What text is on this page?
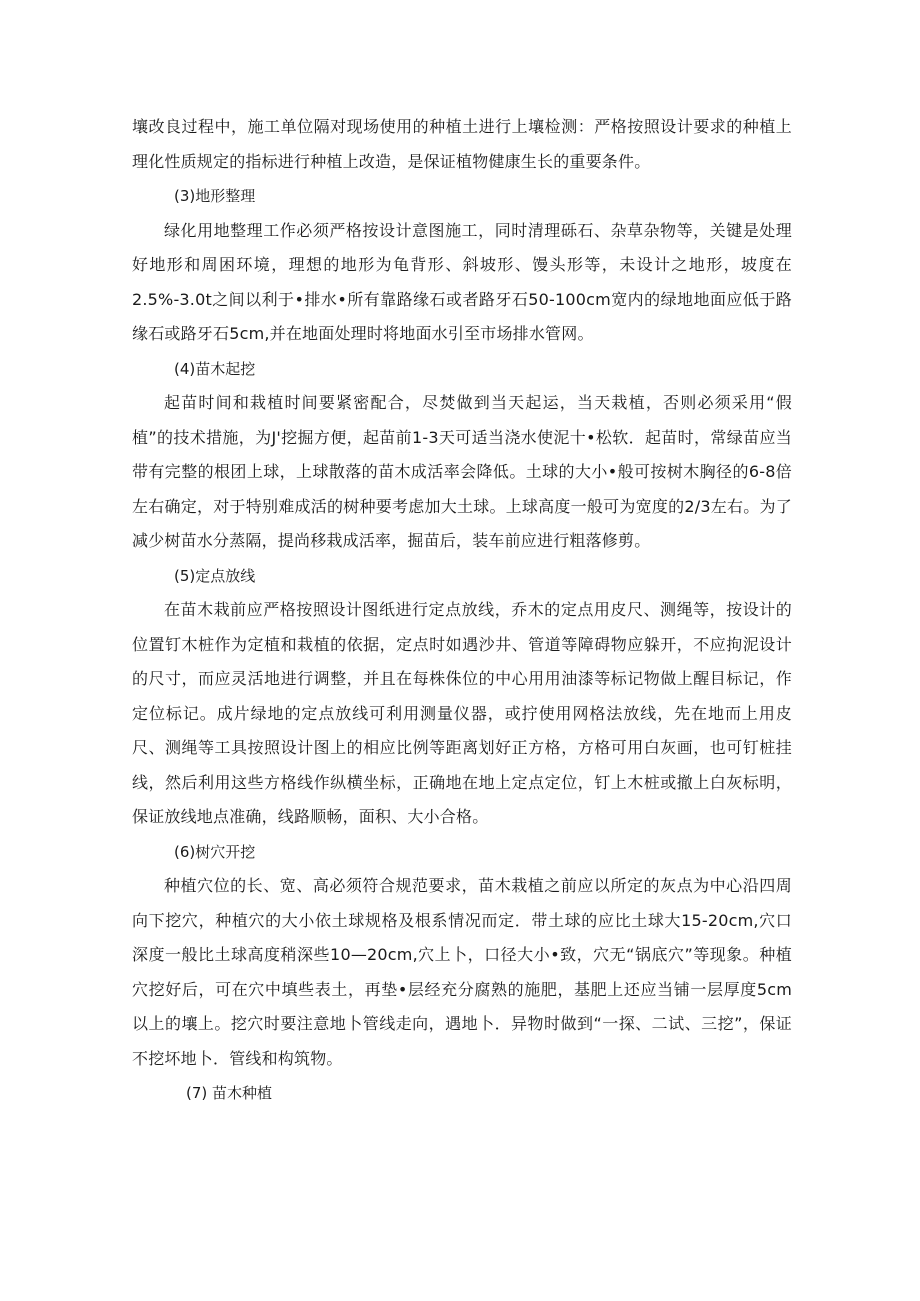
壤改良过程中，施工单位隔对现场使用的种植土进行上壤检测：严格按照设计要求的种植上理化性质规定的指标进行种植上改造，是保证植物健康生长的重要条件。

(3)地形整理

绿化用地整理工作必须严格按设计意图施工，同时清理砾石、杂草杂物等，关键是处理好地形和周困环境，理想的地形为龟背形、斜坡形、馒头形等，未设计之地形，坡度在2.5%-3.0t之间以利于•排水•所有靠路缘石或者路牙石50-100cm宽内的绿地地面应低于路缘石或路牙石5cm,并在地面处理时将地面水引至市场排水管网。

(4)苗木起挖

起苗时间和栽植时间要紧密配合，尽焚做到当天起运，当天栽植，否则必须采用“假植”的技术措施，为J'挖掘方便，起苗前1-3天可适当浇水使泥十•松软．起苗时，常绿苗应当带有完整的根团上球，上球散落的苗木成活率会降低。土球的大小•般可按树木胸径的6-8倍左右确定，对于特别难成活的树种要考虑加大土球。上球高度一般可为宽度的2/3左右。为了减少树苗水分蒸隔，提尚移栽成活率，掘苗后，装车前应进行粗落修剪。

(5)定点放线

在苗木栽前应严格按照设计图纸进行定点放线，乔木的定点用皮尺、测绳等，按设计的位置钉木桩作为定植和栽植的依据，定点时如遇沙井、管道等障碍物应躲开，不应拘泥设计的尺寸，而应灵活地进行调整，并且在每株侏位的中心用用油漆等标记物做上醒目标记，作定位标记。成片绿地的定点放线可利用测量仪器，或拧使用网格法放线，先在地而上用皮尺、测绳等工具按照设计图上的相应比例等距离划好正方格，方格可用白灰画，也可钉桩挂线，然后利用这些方格线作纵横坐标，正确地在地上定点定位，钉上木桩或撤上白灰标明，保证放线地点准确，线路顺畅，面积、大小合格。

(6)树穴开挖

种植穴位的长、宽、高必须符合规范要求，苗木栽植之前应以所定的灰点为中心沿四周向下挖穴，种植穴的大小依土球规格及根系情况而定．带土球的应比土球大15-20cm,穴口深度一般比土球高度稍深些10—20cm,穴上卜，口径大小•致，穴无“锅底穴”等现象。种植穴挖好后，可在穴中填些表土，再垫•层经充分腐熟的施肥，基肥上还应当铺一层厚度5cm以上的壤上。挖穴时要注意地卜管线走向，遇地卜．异物时做到“一探、二试、三挖”，保证不挖坏地卜．管线和构筑物。

(7) 苗木种植
